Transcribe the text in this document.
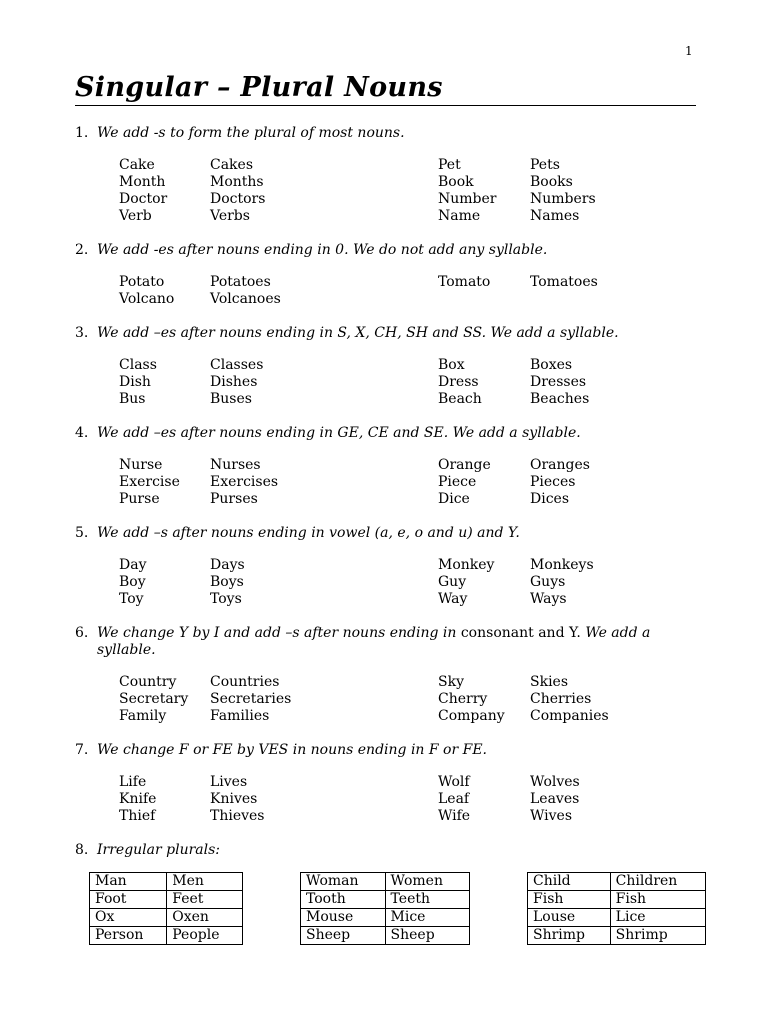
1
Singular – Plural Nouns
1. We add -s to form the plural of most nouns.
Cake	Cakes	Pet	Pets
Month	Months	Book	Books
Doctor	Doctors	Number Numbers
Verb	Verbs	Name	Names
2. We add -es after nouns ending in 0. We do not add any syllable.
Potato	Potatoes	Tomato	Tomatoes
Volcano	Volcanoes
3. We add –es after nouns ending in S, X, CH, SH and SS. We add a syllable.
Class	Classes	Box	Boxes
Dish	Dishes	Dress	Dresses
Bus	Buses	Beach	Beaches
4. We add –es after nouns ending in GE, CE and SE. We add a syllable.
Nurse	Nurses	Orange	Oranges
Exercise Exercises	Piece	Pieces
Purse	Purses	Dice	Dices
5. We add –s after nouns ending in vowel (a, e, o and u) and Y.
Day	Days	Monkey	Monkeys
Boy	Boys	Guy	Guys
Toy	Toys	Way	Ways
6. We change Y by I and add –s after nouns ending in consonant and Y. We add a syllable.
Country Countries	Sky	Skies
Secretary Secretaries	Cherry	Cherries
Family	Families	Company Companies
7. We change F or FE by VES in nouns ending in F or FE.
Life	Lives	Wolf	Wolves
Knife	Knives	Leaf	Leaves
Thief	Thieves	Wife	Wives
8. Irregular plurals:
Man	Men
Foot	Feet
Ox	Oxen
Person	People
Woman	Women
Tooth	Teeth
Mouse	Mice
Sheep	Sheep
Child	Children
Fish	Fish
Louse	Lice
Shrimp	Shrimp
